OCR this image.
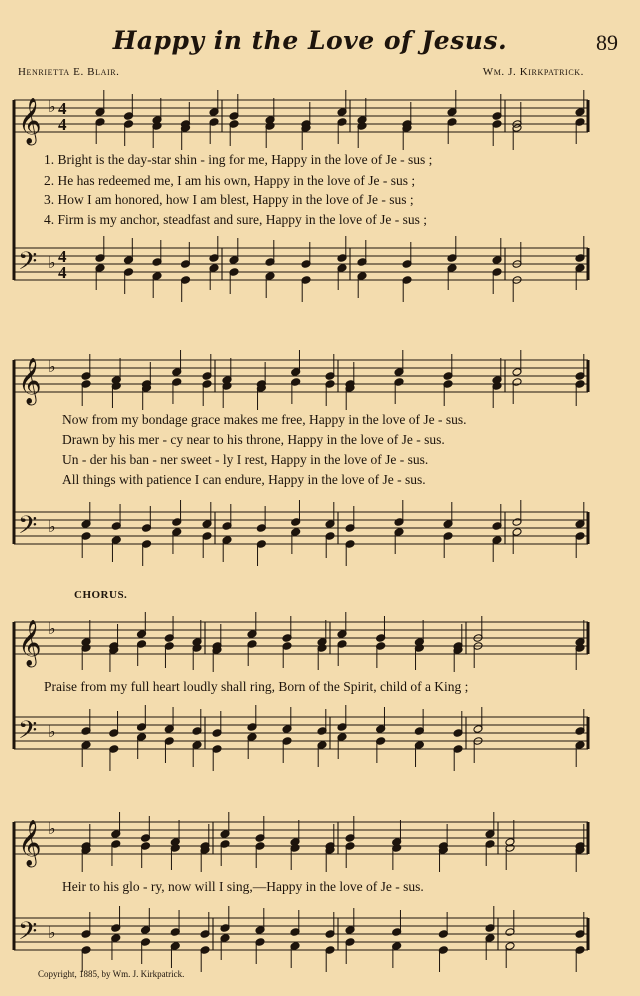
Happy in the Love of Jesus.	89
Henrietta E. Blair.	Wm. J. Kirkpatrick.
𝄞
𝄢
♭
♭
4
4
4
4
𝄞
𝄢
♭
♭
𝄞
𝄢
♭
♭
𝄞
𝄢
♭
♭
1. Bright is the day-star shin - ing for me, Happy in the love of Je - sus ;
2. He has redeemed me, I am his own, Happy in the love of Je - sus ;
3. How I am honored, how I am blest, Happy in the love of Je - sus ;
4. Firm is my anchor, steadfast and sure, Happy in the love of Je - sus ;
Now from my bondage grace makes me free, Happy in the love of Je - sus.
Drawn by his mer - cy near to his throne, Happy in the love of Je - sus.
Un - der his ban - ner sweet - ly I rest, Happy in the love of Je - sus.
All things with patience I can endure, Happy in the love of Je - sus.
CHORUS.
Praise from my full heart loudly shall ring, Born of the Spirit, child of a King ;
Heir to his glo - ry, now will I sing,—Happy in the love of Je - sus.
Copyright, 1885, by Wm. J. Kirkpatrick.
